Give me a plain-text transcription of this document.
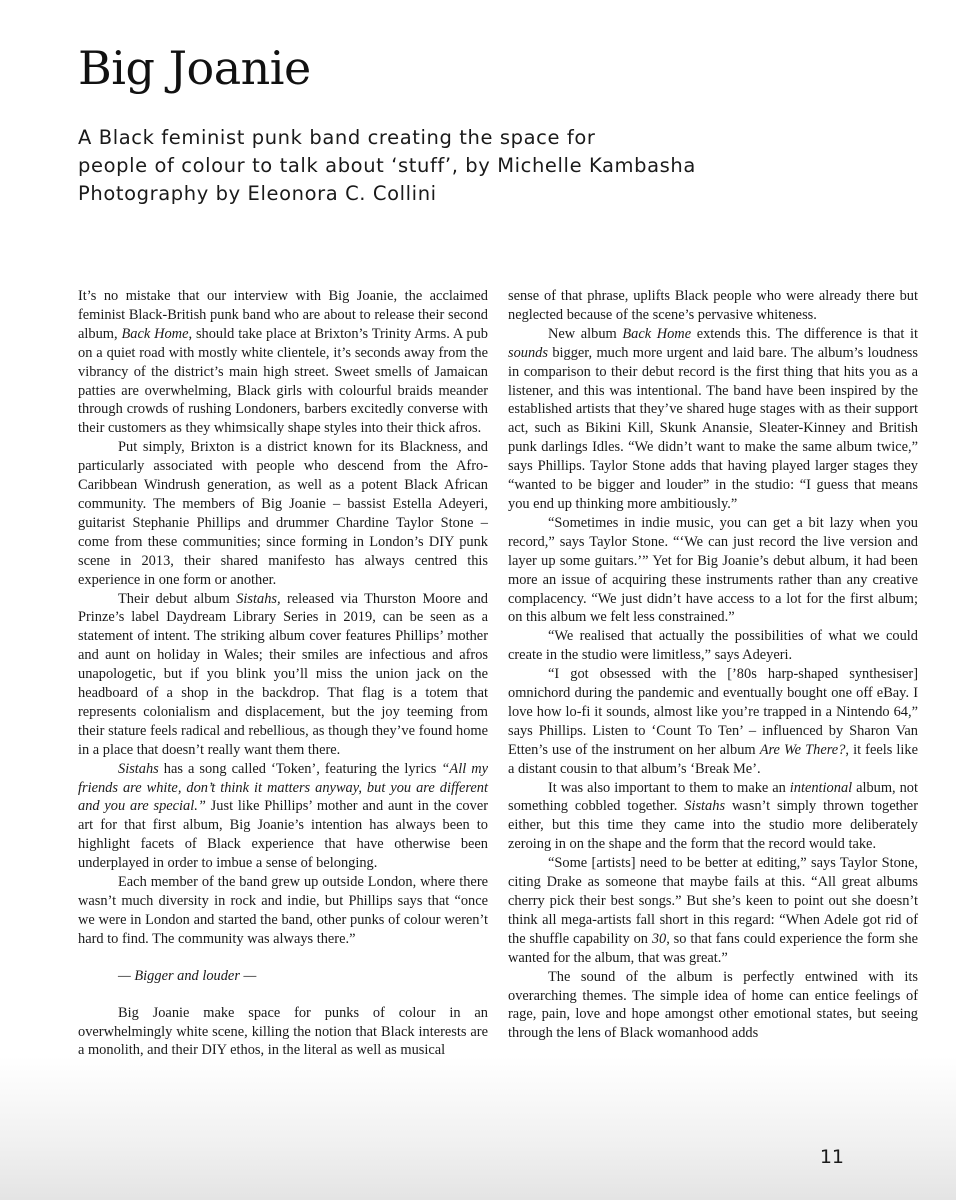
Big Joanie
A Black feminist punk band creating the space for
people of colour to talk about ‘stuff’, by Michelle Kambasha
Photography by Eleonora C. Collini

It’s no mistake that our interview with Big Joanie, the acclaimed feminist Black-British punk band who are about to release their second album, Back Home, should take place at Brixton’s Trinity Arms. A pub on a quiet road with mostly white clientele, it’s seconds away from the vibrancy of the district’s main high street. Sweet smells of Jamaican patties are overwhelming, Black girls with colourful braids meander through crowds of rushing Londoners, barbers excitedly converse with their customers as they whimsically shape styles into their thick afros.

Put simply, Brixton is a district known for its Blackness, and particularly associated with people who descend from the Afro-Caribbean Windrush generation, as well as a potent Black African community. The members of Big Joanie – bassist Estella Adeyeri, guitarist Stephanie Phillips and drummer Chardine Taylor Stone – come from these communities; since forming in London’s DIY punk scene in 2013, their shared manifesto has always centred this experience in one form or another.

Their debut album Sistahs, released via Thurston Moore and Prinze’s label Daydream Library Series in 2019, can be seen as a statement of intent. The striking album cover features Phillips’ mother and aunt on holiday in Wales; their smiles are infectious and afros unapologetic, but if you blink you’ll miss the union jack on the headboard of a shop in the backdrop. That flag is a totem that represents colonialism and displacement, but the joy teeming from their stature feels radical and rebellious, as though they’ve found home in a place that doesn’t really want them there.

Sistahs has a song called ‘Token’, featuring the lyrics “All my friends are white, don’t think it matters anyway, but you are different and you are special.” Just like Phillips’ mother and aunt in the cover art for that first album, Big Joanie’s intention has always been to highlight facets of Black experience that have otherwise been underplayed in order to imbue a sense of belonging.

Each member of the band grew up outside London, where there wasn’t much diversity in rock and indie, but Phillips says that “once we were in London and started the band, other punks of colour weren’t hard to find. The community was always there.”

— Bigger and louder —

Big Joanie make space for punks of colour in an overwhelmingly white scene, killing the notion that Black interests are a monolith, and their DIY ethos, in the literal as well as musical

sense of that phrase, uplifts Black people who were already there but neglected because of the scene’s pervasive whiteness.

New album Back Home extends this. The difference is that it sounds bigger, much more urgent and laid bare. The album’s loudness in comparison to their debut record is the first thing that hits you as a listener, and this was intentional. The band have been inspired by the established artists that they’ve shared huge stages with as their support act, such as Bikini Kill, Skunk Anansie, Sleater-Kinney and British punk darlings Idles. “We didn’t want to make the same album twice,” says Phillips. Taylor Stone adds that having played larger stages they “wanted to be bigger and louder” in the studio: “I guess that means you end up thinking more ambitiously.”

“Sometimes in indie music, you can get a bit lazy when you record,” says Taylor Stone. “‘We can just record the live version and layer up some guitars.’” Yet for Big Joanie’s debut album, it had been more an issue of acquiring these instruments rather than any creative complacency. “We just didn’t have access to a lot for the first album; on this album we felt less constrained.”

“We realised that actually the possibilities of what we could create in the studio were limitless,” says Adeyeri.

“I got obsessed with the [’80s harp-shaped synthesiser] omnichord during the pandemic and eventually bought one off eBay. I love how lo-fi it sounds, almost like you’re trapped in a Nintendo 64,” says Phillips. Listen to ‘Count To Ten’ – influenced by Sharon Van Etten’s use of the instrument on her album Are We There?, it feels like a distant cousin to that album’s ‘Break Me’.

It was also important to them to make an intentional album, not something cobbled together. Sistahs wasn’t simply thrown together either, but this time they came into the studio more deliberately zeroing in on the shape and the form that the record would take.

“Some [artists] need to be better at editing,” says Taylor Stone, citing Drake as someone that maybe fails at this. “All great albums cherry pick their best songs.” But she’s keen to point out she doesn’t think all mega-artists fall short in this regard: “When Adele got rid of the shuffle capability on 30, so that fans could experience the form she wanted for the album, that was great.”

The sound of the album is perfectly entwined with its overarching themes. The simple idea of home can entice feelings of rage, pain, love and hope amongst other emotional states, but seeing through the lens of Black womanhood adds

11
